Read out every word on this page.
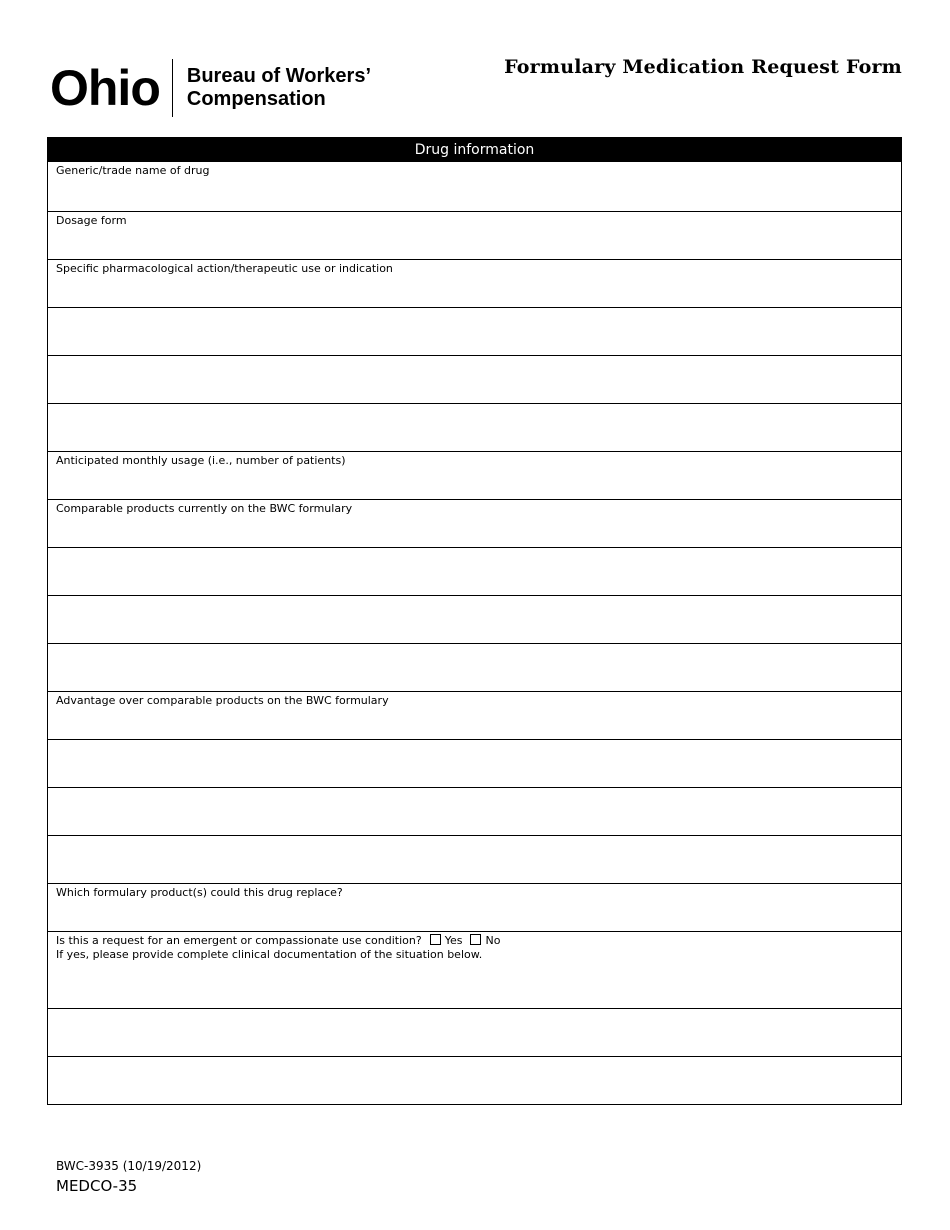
Ohio Bureau of Workers’
Compensation
Formulary Medication Request Form
Drug information
Generic/trade name of drug
Dosage form
Specific pharmacological action/therapeutic use or indication
Anticipated monthly usage (i.e., number of patients)
Comparable products currently on the BWC formulary
Advantage over comparable products on the BWC formulary
Which formulary product(s) could this drug replace?
Is this a request for an emergent or compassionate use condition? Yes No
If yes, please provide complete clinical documentation of the situation below.
BWC-3935 (10/19/2012)
MEDCO-35
